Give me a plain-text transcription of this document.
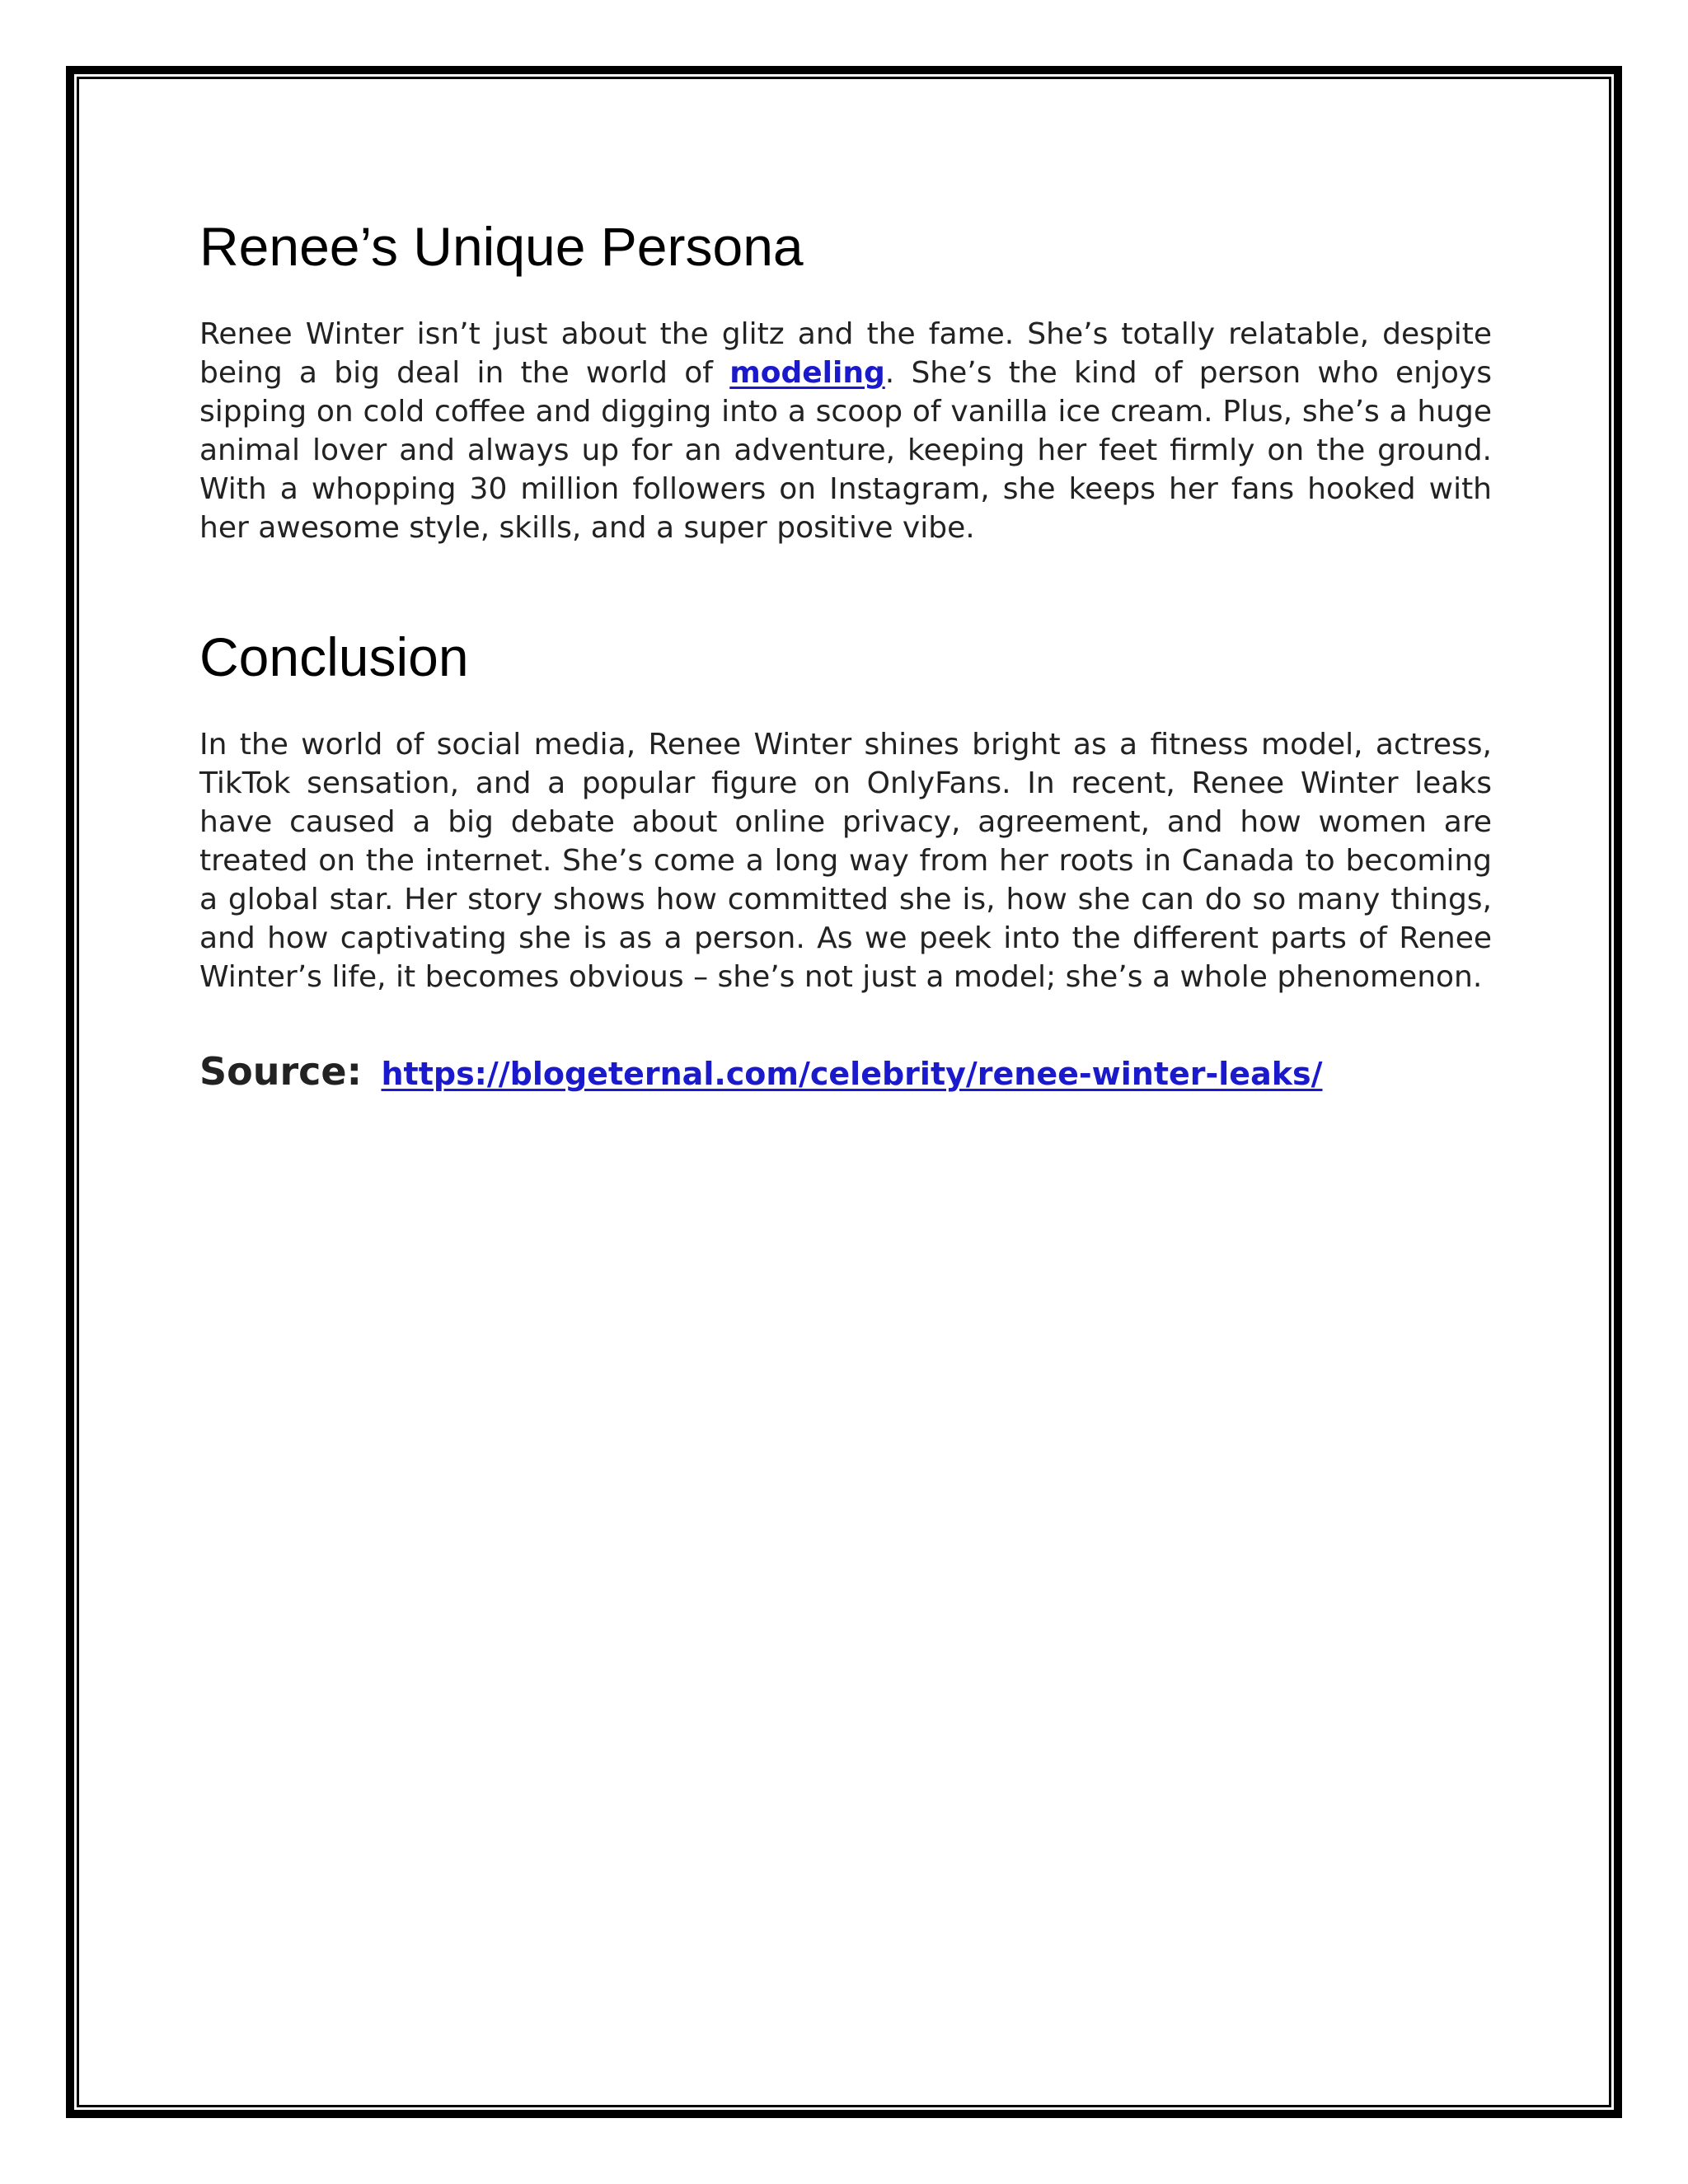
Renee’s Unique Persona

Renee Winter isn’t just about the glitz and the fame. She’s totally relatable, despite being a big deal in the world of modeling. She’s the kind of person who enjoys sipping on cold coffee and digging into a scoop of vanilla ice cream. Plus, she’s a huge animal lover and always up for an adventure, keeping her feet firmly on the ground. With a whopping 30 million followers on Instagram, she keeps her fans hooked with her awesome style, skills, and a super positive vibe.

Conclusion

In the world of social media, Renee Winter shines bright as a fitness model, actress, TikTok sensation, and a popular figure on OnlyFans. In recent, Renee Winter leaks have caused a big debate about online privacy, agreement, and how women are treated on the internet. She’s come a long way from her roots in Canada to becoming a global star. Her story shows how committed she is, how she can do so many things, and how captivating she is as a person. As we peek into the different parts of Renee Winter’s life, it becomes obvious – she’s not just a model; she’s a whole phenomenon.

Source: https://blogeternal.com/celebrity/renee-winter-leaks/
